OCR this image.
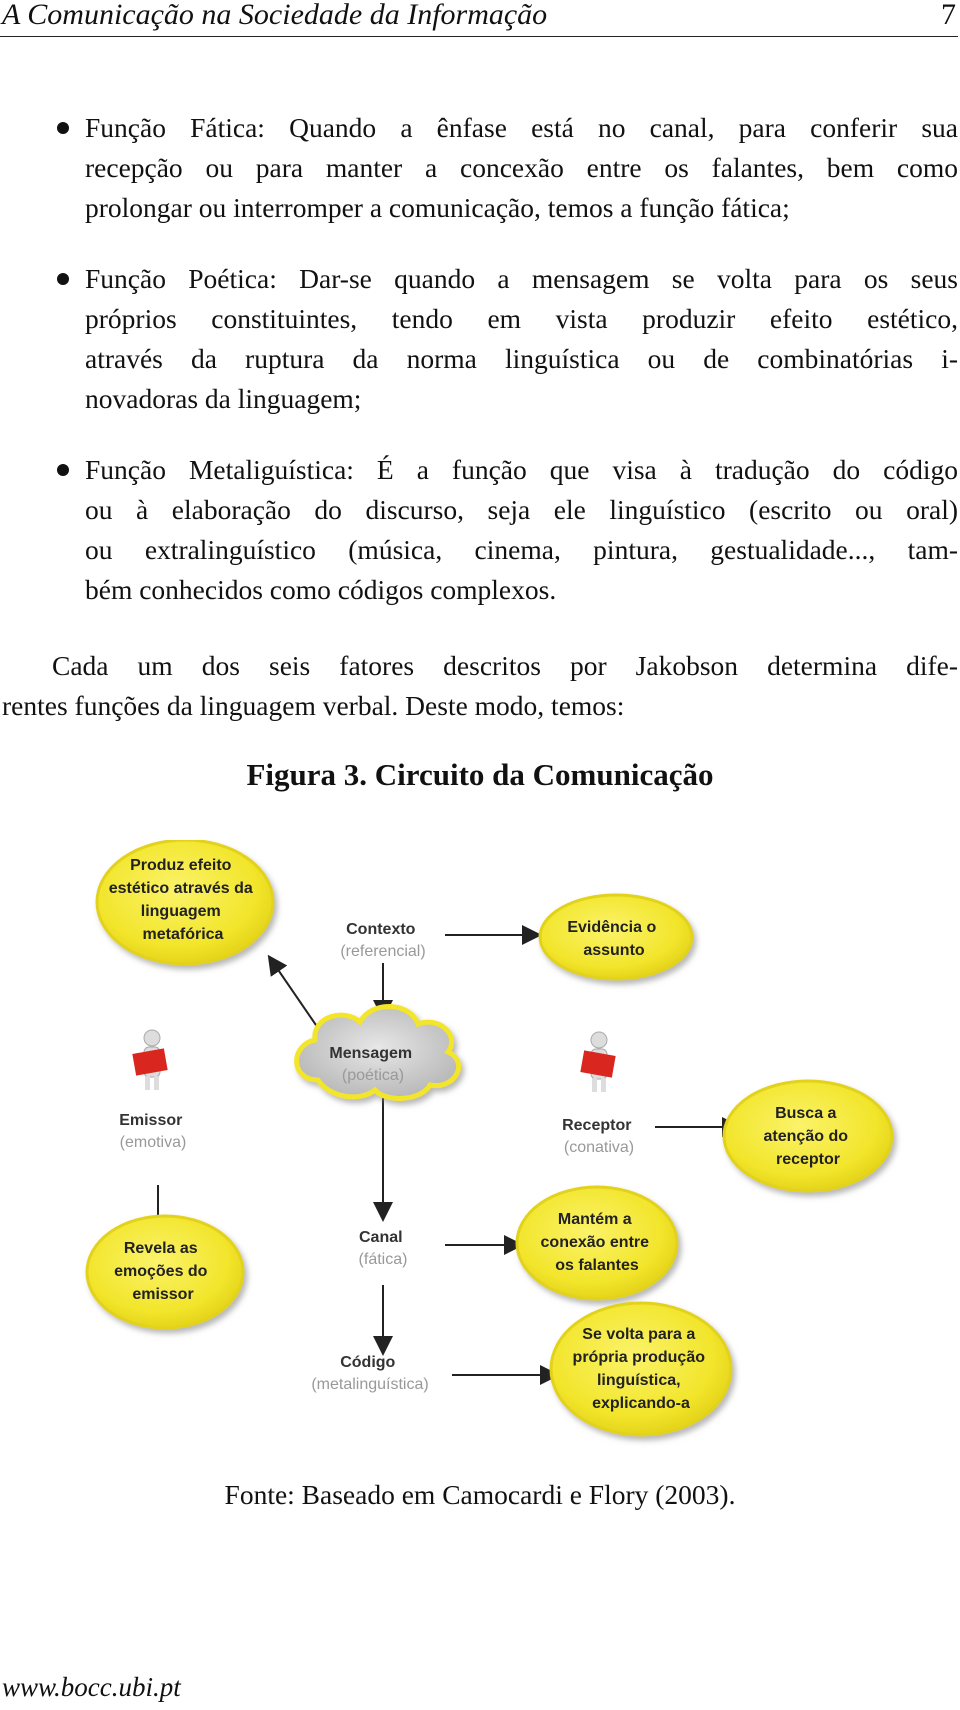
A Comunicação na Sociedade da Informação	7
Função Fática: Quando a ênfase está no canal, para conferir sua
recepção ou para manter a concexão entre os falantes, bem como
prolongar ou interromper a comunicação, temos a função fática;
Função Poética: Dar-se quando a mensagem se volta para os seus
próprios constituintes, tendo em vista produzir efeito estético,
através da ruptura da norma linguística ou de combinatórias i-
novadoras da linguagem;
Função Metaliguística: É a função que visa à tradução do código
ou à elaboração do discurso, seja ele linguístico (escrito ou oral)
ou extralinguístico (música, cinema, pintura, gestualidade..., tam-
bém conhecidos como códigos complexos.
Cada um dos seis fatores descritos por Jakobson determina dife-
rentes funções da linguagem verbal. Deste modo, temos:
Figura 3. Circuito da Comunicação
Produz efeito estético através da linguagem metafórica	Evidência o assunto
Busca a atenção do receptor
Revela as emoções do emissor
Mantém a conexão entre os falantes
Se volta para a própria produção linguística, explicando-a
Mensagem (poética)
Contexto (referencial)
Emissor (emotiva)
Receptor (conativa)
Canal (fática)
Código (metalinguística)
Fonte: Baseado em Camocardi e Flory (2003).
www.bocc.ubi.pt
